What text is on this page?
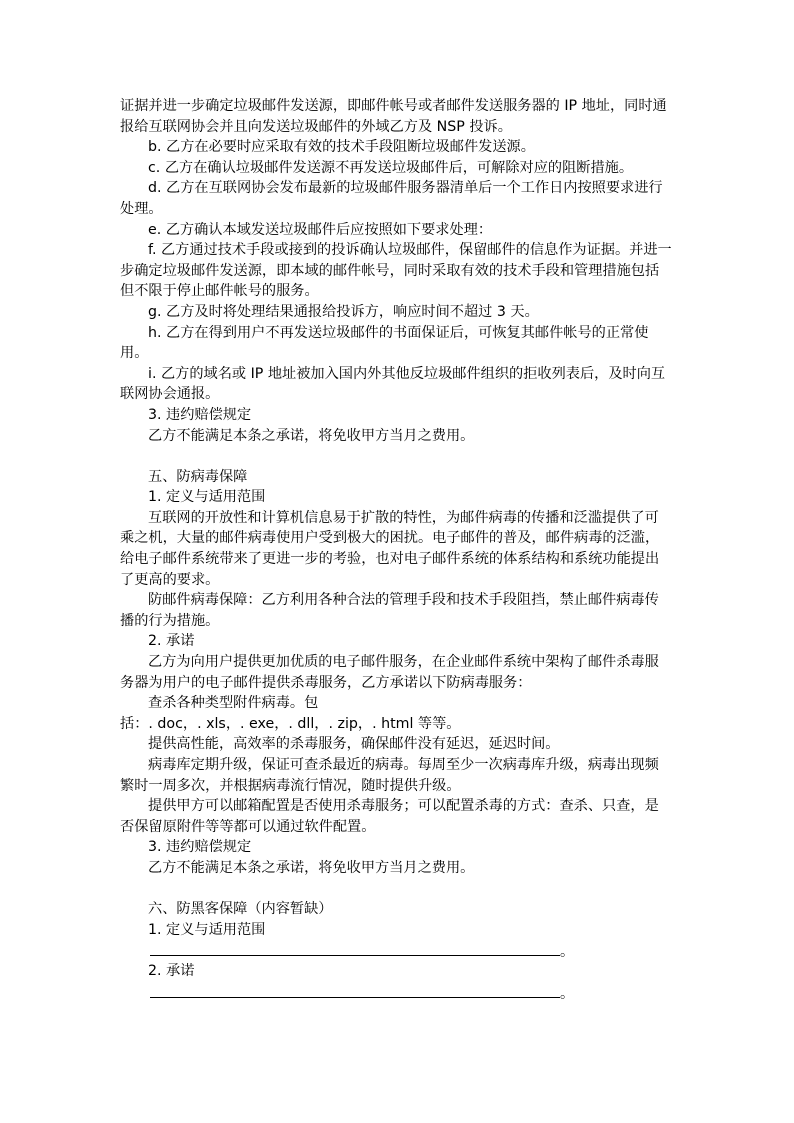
证据并进一步确定垃圾邮件发送源，即邮件帐号或者邮件发送服务器的 IP 地址，同时通报给互联网协会并且向发送垃圾邮件的外域乙方及 NSP 投诉。

b. 乙方在必要时应采取有效的技术手段阻断垃圾邮件发送源。

c. 乙方在确认垃圾邮件发送源不再发送垃圾邮件后，可解除对应的阻断措施。

d. 乙方在互联网协会发布最新的垃圾邮件服务器清单后一个工作日内按照要求进行处理。

e. 乙方确认本域发送垃圾邮件后应按照如下要求处理：

f. 乙方通过技术手段或接到的投诉确认垃圾邮件，保留邮件的信息作为证据。并进一步确定垃圾邮件发送源，即本域的邮件帐号，同时采取有效的技术手段和管理措施包括但不限于停止邮件帐号的服务。

g. 乙方及时将处理结果通报给投诉方，响应时间不超过 3 天。

h. 乙方在得到用户不再发送垃圾邮件的书面保证后，可恢复其邮件帐号的正常使用。

i. 乙方的域名或 IP 地址被加入国内外其他反垃圾邮件组织的拒收列表后，及时向互联网协会通报。

3. 违约赔偿规定

乙方不能满足本条之承诺，将免收甲方当月之费用。

五、防病毒保障

1. 定义与适用范围

互联网的开放性和计算机信息易于扩散的特性，为邮件病毒的传播和泛滥提供了可乘之机，大量的邮件病毒使用户受到极大的困扰。电子邮件的普及，邮件病毒的泛滥，给电子邮件系统带来了更进一步的考验，也对电子邮件系统的体系结构和系统功能提出了更高的要求。

防邮件病毒保障：乙方利用各种合法的管理手段和技术手段阻挡，禁止邮件病毒传播的行为措施。

2. 承诺

乙方为向用户提供更加优质的电子邮件服务，在企业邮件系统中架构了邮件杀毒服务器为用户的电子邮件提供杀毒服务，乙方承诺以下防病毒服务：

查杀各种类型附件病毒。包

括：. doc，. xls，. exe，. dll，. zip，. html 等等。

提供高性能，高效率的杀毒服务，确保邮件没有延迟，延迟时间。

病毒库定期升级，保证可查杀最近的病毒。每周至少一次病毒库升级，病毒出现频繁时一周多次，并根据病毒流行情况，随时提供升级。

提供甲方可以邮箱配置是否使用杀毒服务；可以配置杀毒的方式：查杀、只查，是否保留原附件等等都可以通过软件配置。

3. 违约赔偿规定

乙方不能满足本条之承诺，将免收甲方当月之费用。

六、防黑客保障（内容暂缺）

1. 定义与适用范围

。

2. 承诺

。
